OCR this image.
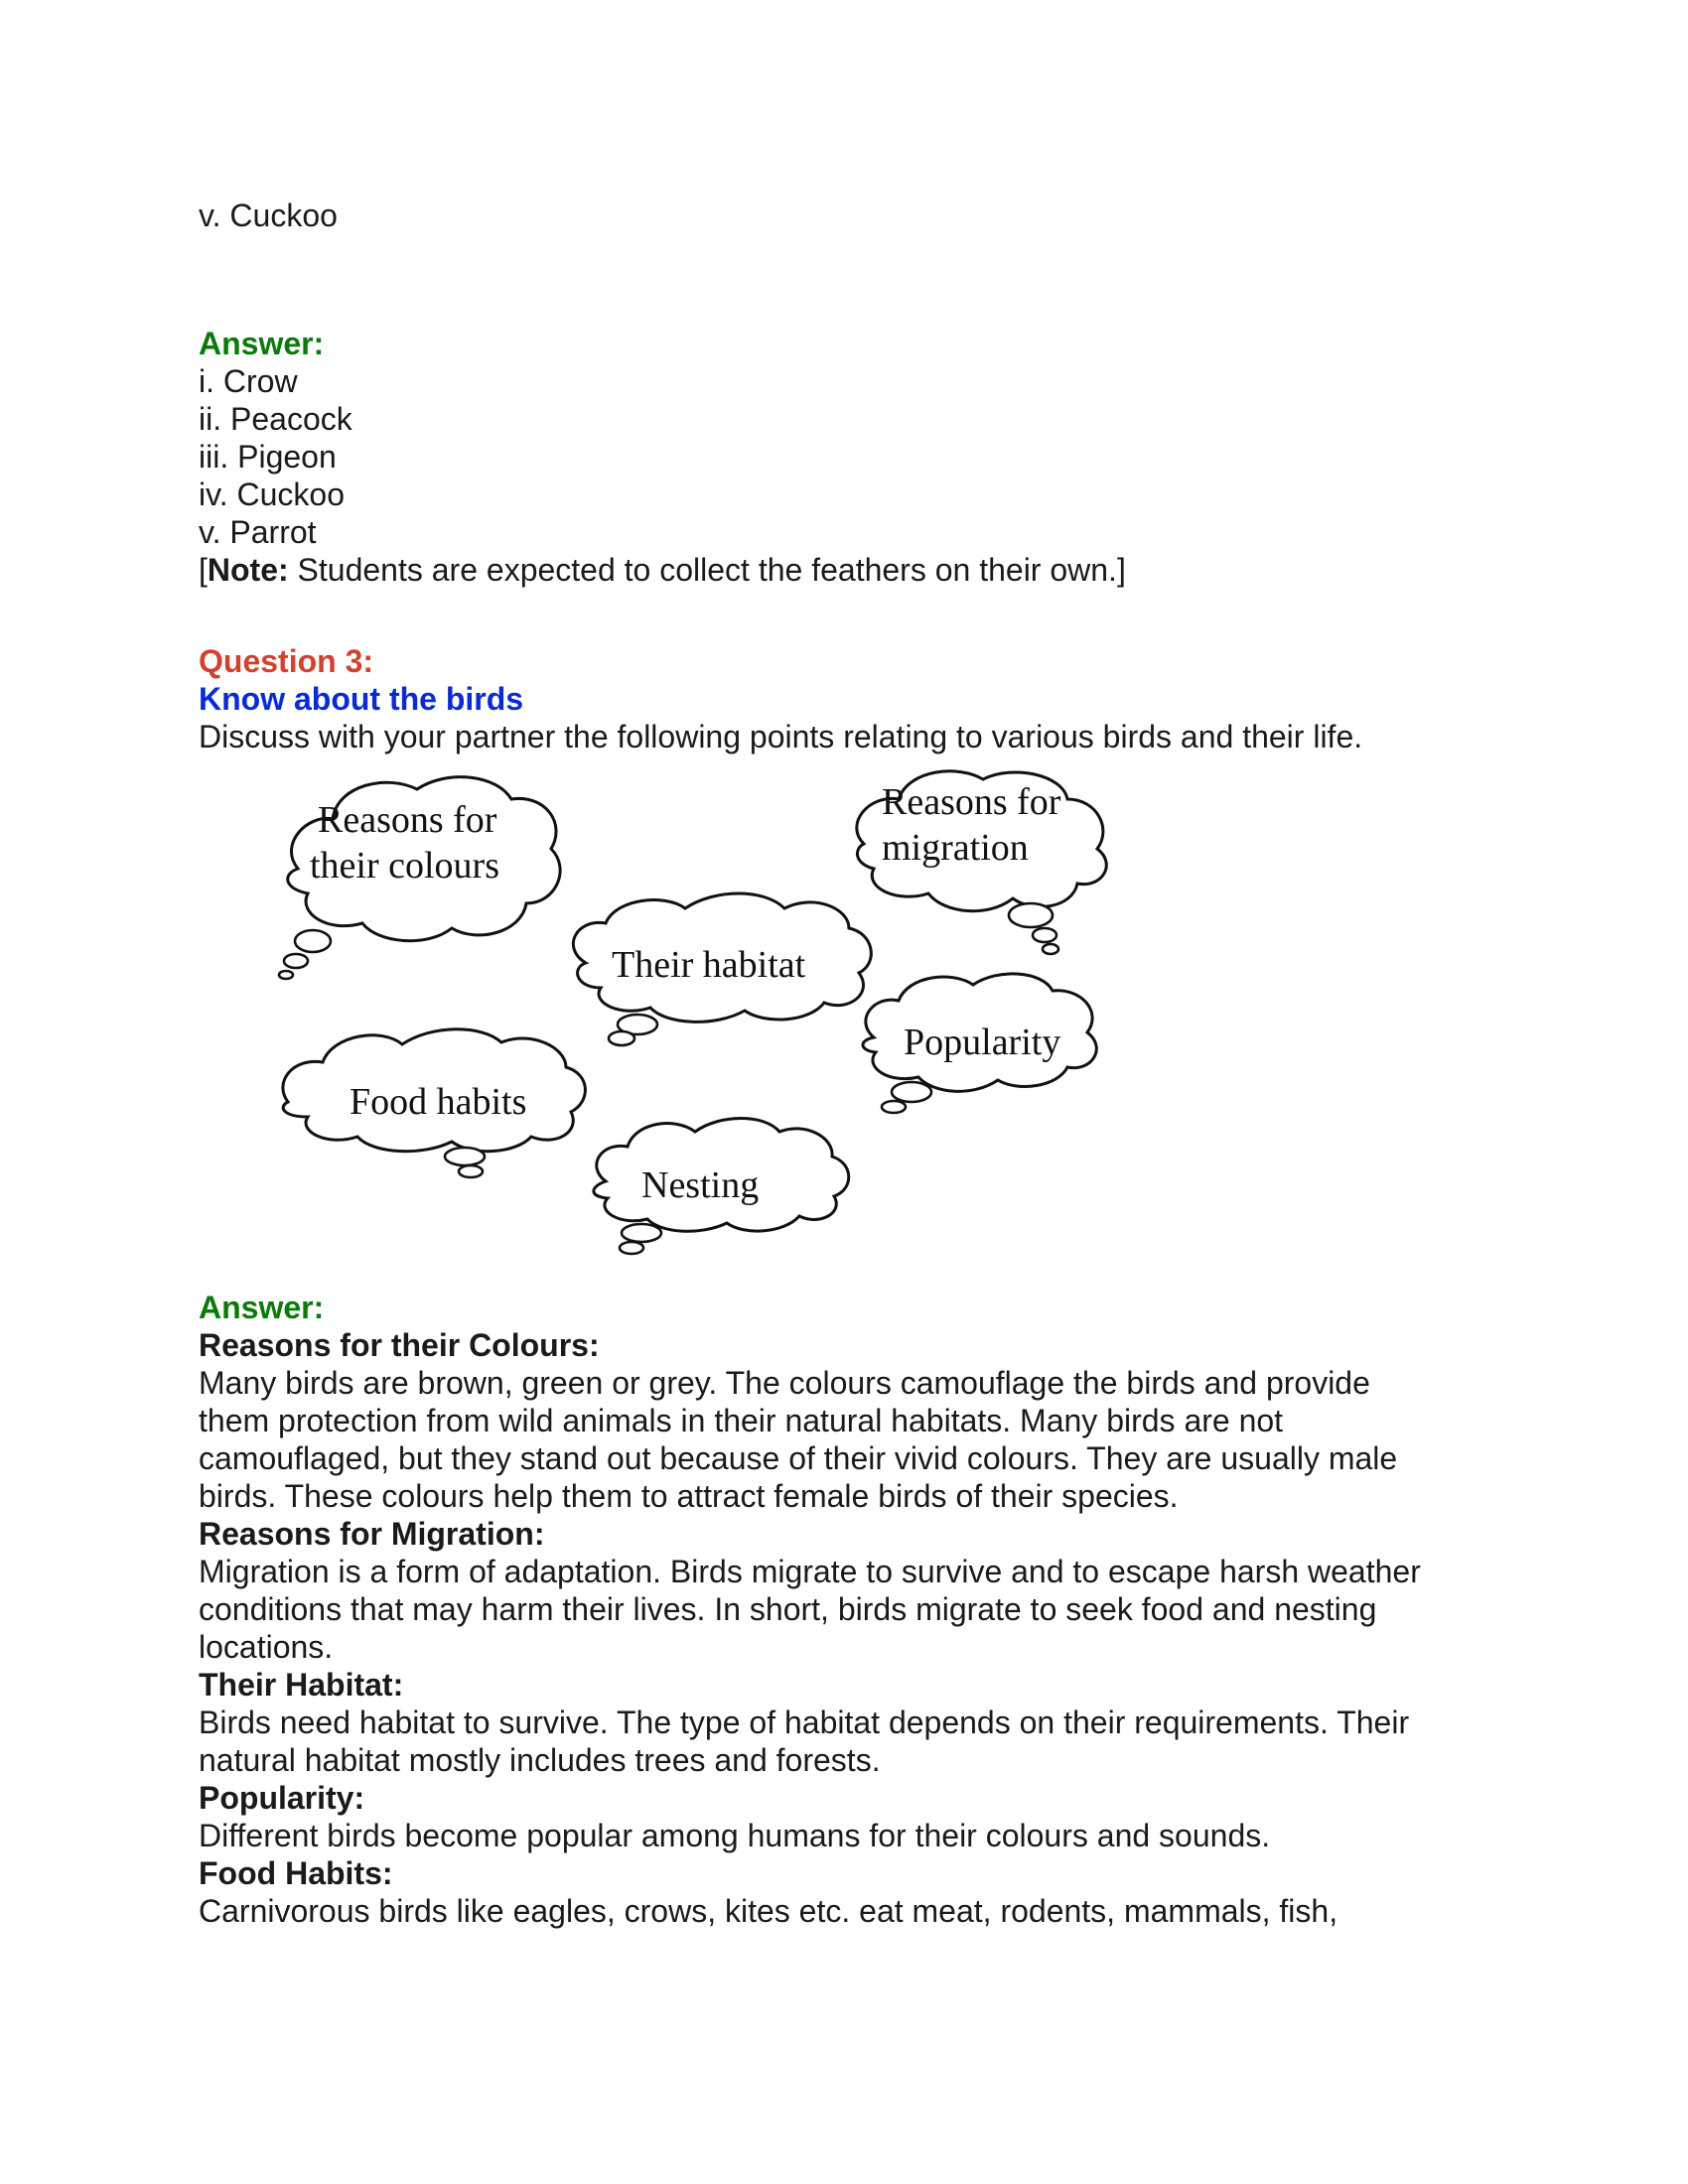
v. Cuckoo
Answer:
i. Crow
ii. Peacock
iii. Pigeon
iv. Cuckoo
v. Parrot
[Note: Students are expected to collect the feathers on their own.]
Question 3:
Know about the birds
Discuss with your partner the following points relating to various birds and their life.
Reasons for
their colours
Reasons for
migration
Their habitat
Popularity
Food habits
Nesting
Answer:
Reasons for their Colours:
Many birds are brown, green or grey. The colours camouflage the birds and provide
them protection from wild animals in their natural habitats. Many birds are not
camouflaged, but they stand out because of their vivid colours. They are usually male
birds. These colours help them to attract female birds of their species.
Reasons for Migration:
Migration is a form of adaptation. Birds migrate to survive and to escape harsh weather
conditions that may harm their lives. In short, birds migrate to seek food and nesting
locations.
Their Habitat:
Birds need habitat to survive. The type of habitat depends on their requirements. Their
natural habitat mostly includes trees and forests.
Popularity:
Different birds become popular among humans for their colours and sounds.
Food Habits:
Carnivorous birds like eagles, crows, kites etc. eat meat, rodents, mammals, fish,
